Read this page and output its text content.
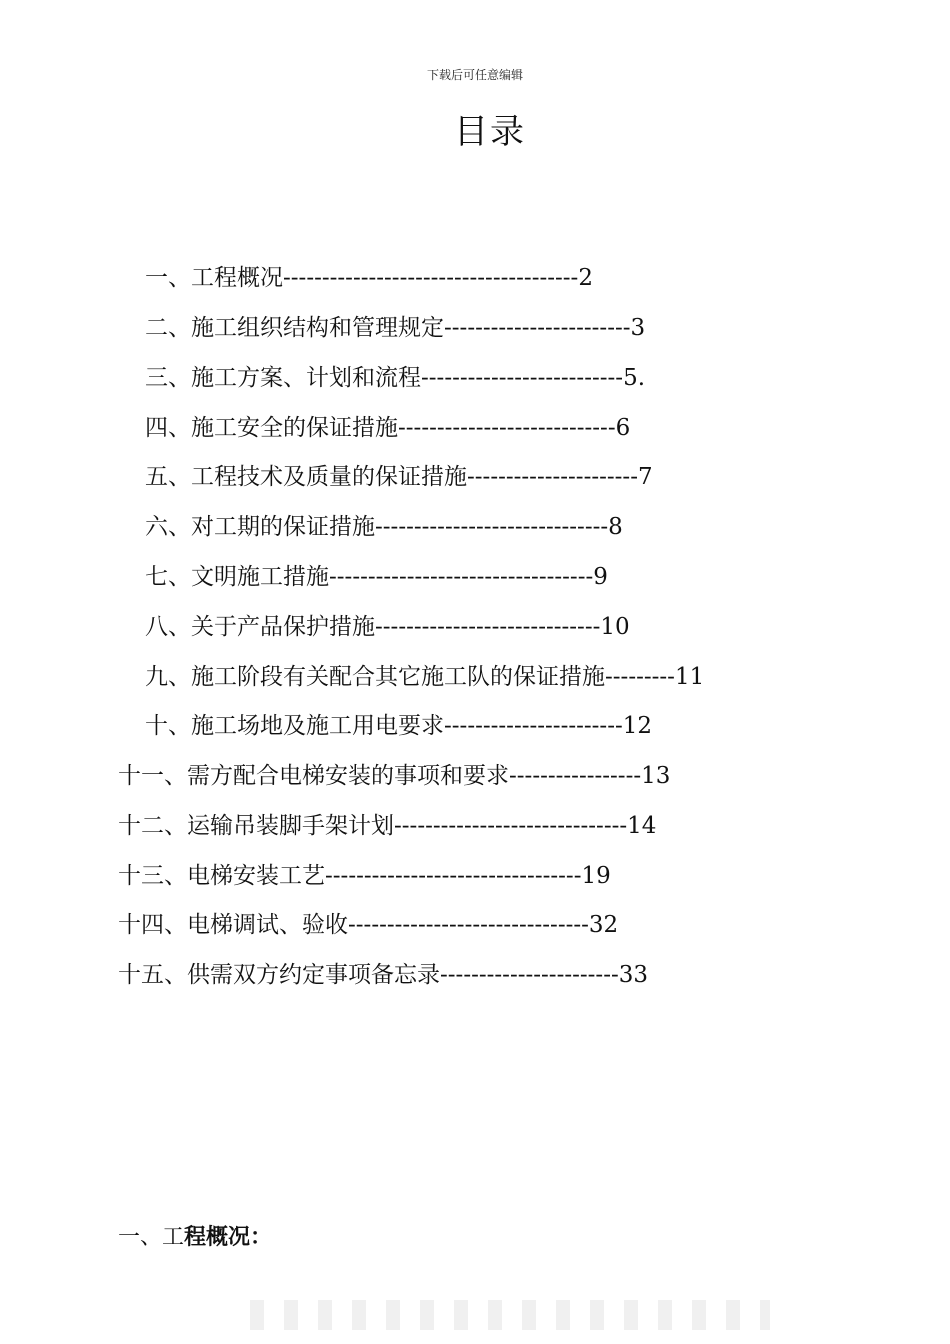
下载后可任意编辑
目录
一、工程概况--------------------------------------2
二、施工组织结构和管理规定------------------------3
三、施工方案、计划和流程--------------------------5.
四、施工安全的保证措施----------------------------6
五、工程技术及质量的保证措施----------------------7
六、对工期的保证措施------------------------------8
七、文明施工措施----------------------------------9
八、关于产品保护措施-----------------------------10
九、施工阶段有关配合其它施工队的保证措施---------11
十、施工场地及施工用电要求-----------------------12
十一、需方配合电梯安装的事项和要求-----------------13
十二、运输吊装脚手架计划------------------------------14
十三、电梯安装工艺---------------------------------19
十四、电梯调试、验收-------------------------------32
十五、供需双方约定事项备忘录-----------------------33
一、工程概况：
